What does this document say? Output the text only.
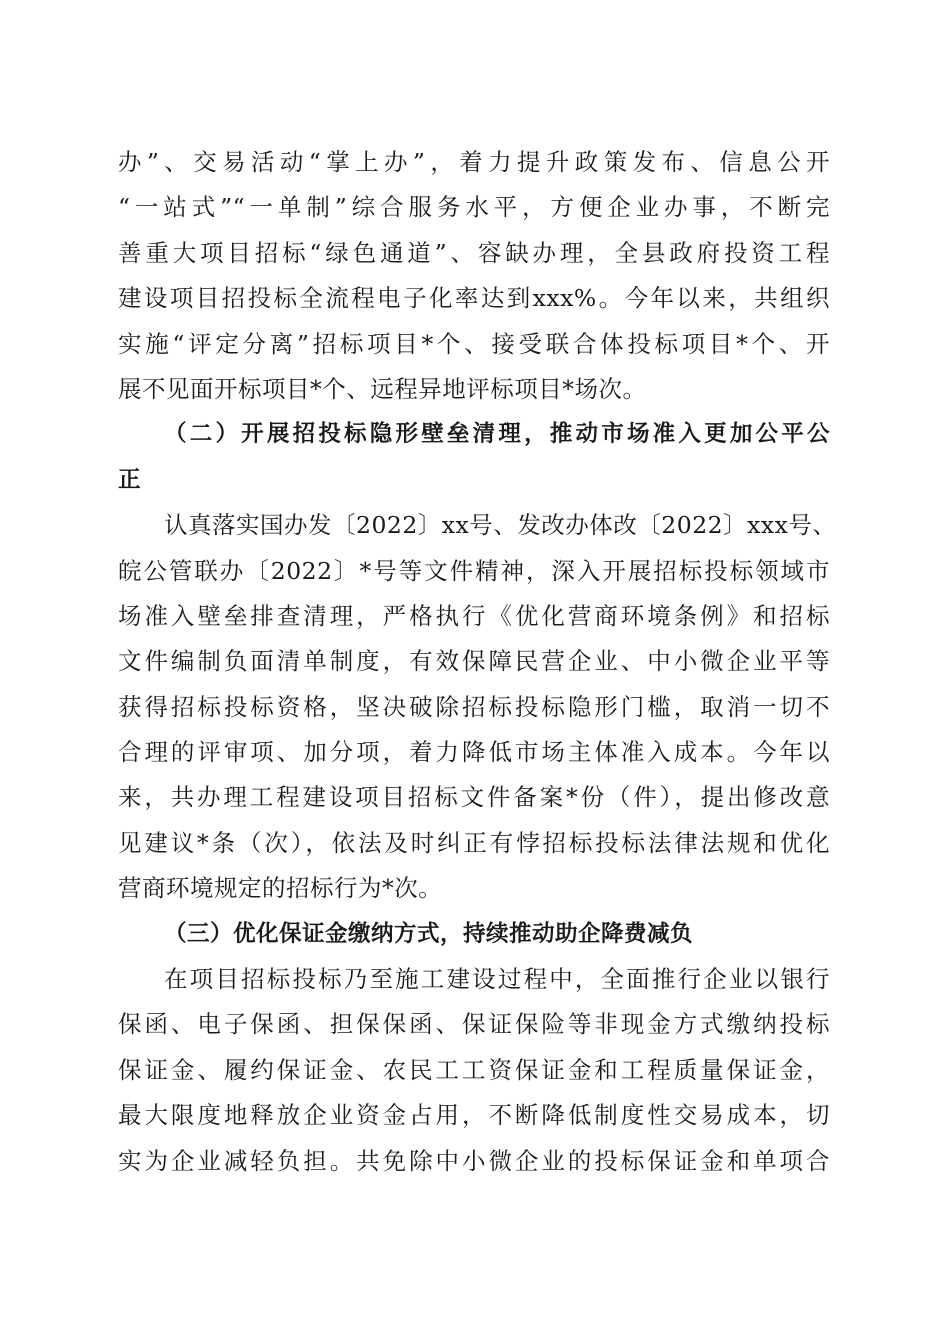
办”、交易活动“掌上办”，着力提升政策发布、信息公开
“一站式”“一单制”综合服务水平，方便企业办事，不断完
善重大项目招标“绿色通道”、容缺办理，全县政府投资工程
建设项目招投标全流程电子化率达到xxx%。今年以来，共组织
实施“评定分离”招标项目*个、接受联合体投标项目*个、开
展不见面开标项目*个、远程异地评标项目*场次。
（二）开展招投标隐形壁垒清理，推动市场准入更加公平公
正
认真落实国办发〔2022〕xx号、发改办体改〔2022〕xxx号、
皖公管联办〔2022〕*号等文件精神，深入开展招标投标领域市
场准入壁垒排查清理，严格执行《优化营商环境条例》和招标
文件编制负面清单制度，有效保障民营企业、中小微企业平等
获得招标投标资格，坚决破除招标投标隐形门槛，取消一切不
合理的评审项、加分项，着力降低市场主体准入成本。今年以
来，共办理工程建设项目招标文件备案*份（件），提出修改意
见建议*条（次），依法及时纠正有悖招标投标法律法规和优化
营商环境规定的招标行为*次。
（三）优化保证金缴纳方式，持续推动助企降费减负
在项目招标投标乃至施工建设过程中，全面推行企业以银行
保函、电子保函、担保保函、保证保险等非现金方式缴纳投标
保证金、履约保证金、农民工工资保证金和工程质量保证金，
最大限度地释放企业资金占用，不断降低制度性交易成本，切
实为企业减轻负担。共免除中小微企业的投标保证金和单项合
